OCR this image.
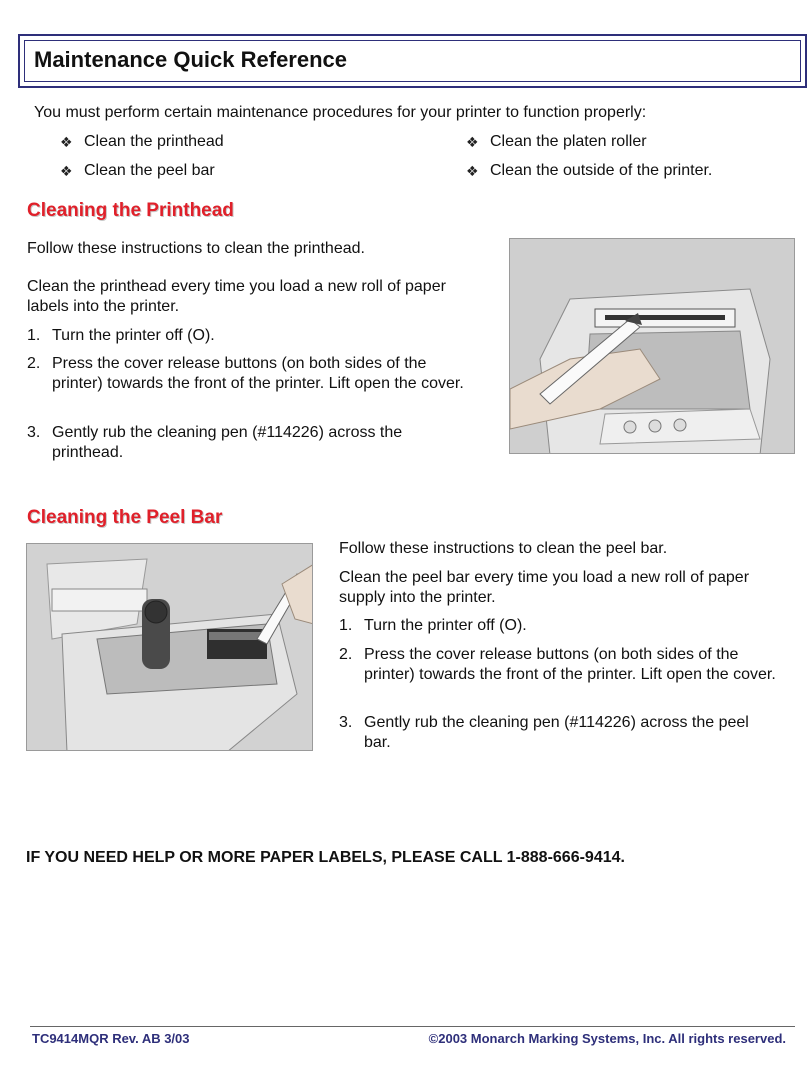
Maintenance Quick Reference
You must perform certain maintenance procedures for your printer to function properly:
❖ Clean the printhead
❖ Clean the peel bar
❖ Clean the platen roller
❖ Clean the outside of the printer.
Cleaning the Printhead
Follow these instructions to clean the printhead.
Clean the printhead every time you load a new roll of paper labels into the printer.
1. Turn the printer off (O).
2. Press the cover release buttons (on both sides of the printer) towards the front of the printer. Lift open the cover.
3. Gently rub the cleaning pen (#114226) across the printhead.
Cleaning the Peel Bar
Follow these instructions to clean the peel bar.
Clean the peel bar every time you load a new roll of paper supply into the printer.
1. Turn the printer off (O).
2. Press the cover release buttons (on both sides of the printer) towards the front of the printer. Lift open the cover.
3. Gently rub the cleaning pen (#114226) across the peel bar.
IF YOU NEED HELP OR MORE PAPER LABELS, PLEASE CALL 1-888-666-9414.
TC9414MQR Rev. AB 3/03	©2003 Monarch Marking Systems, Inc. All rights reserved.
